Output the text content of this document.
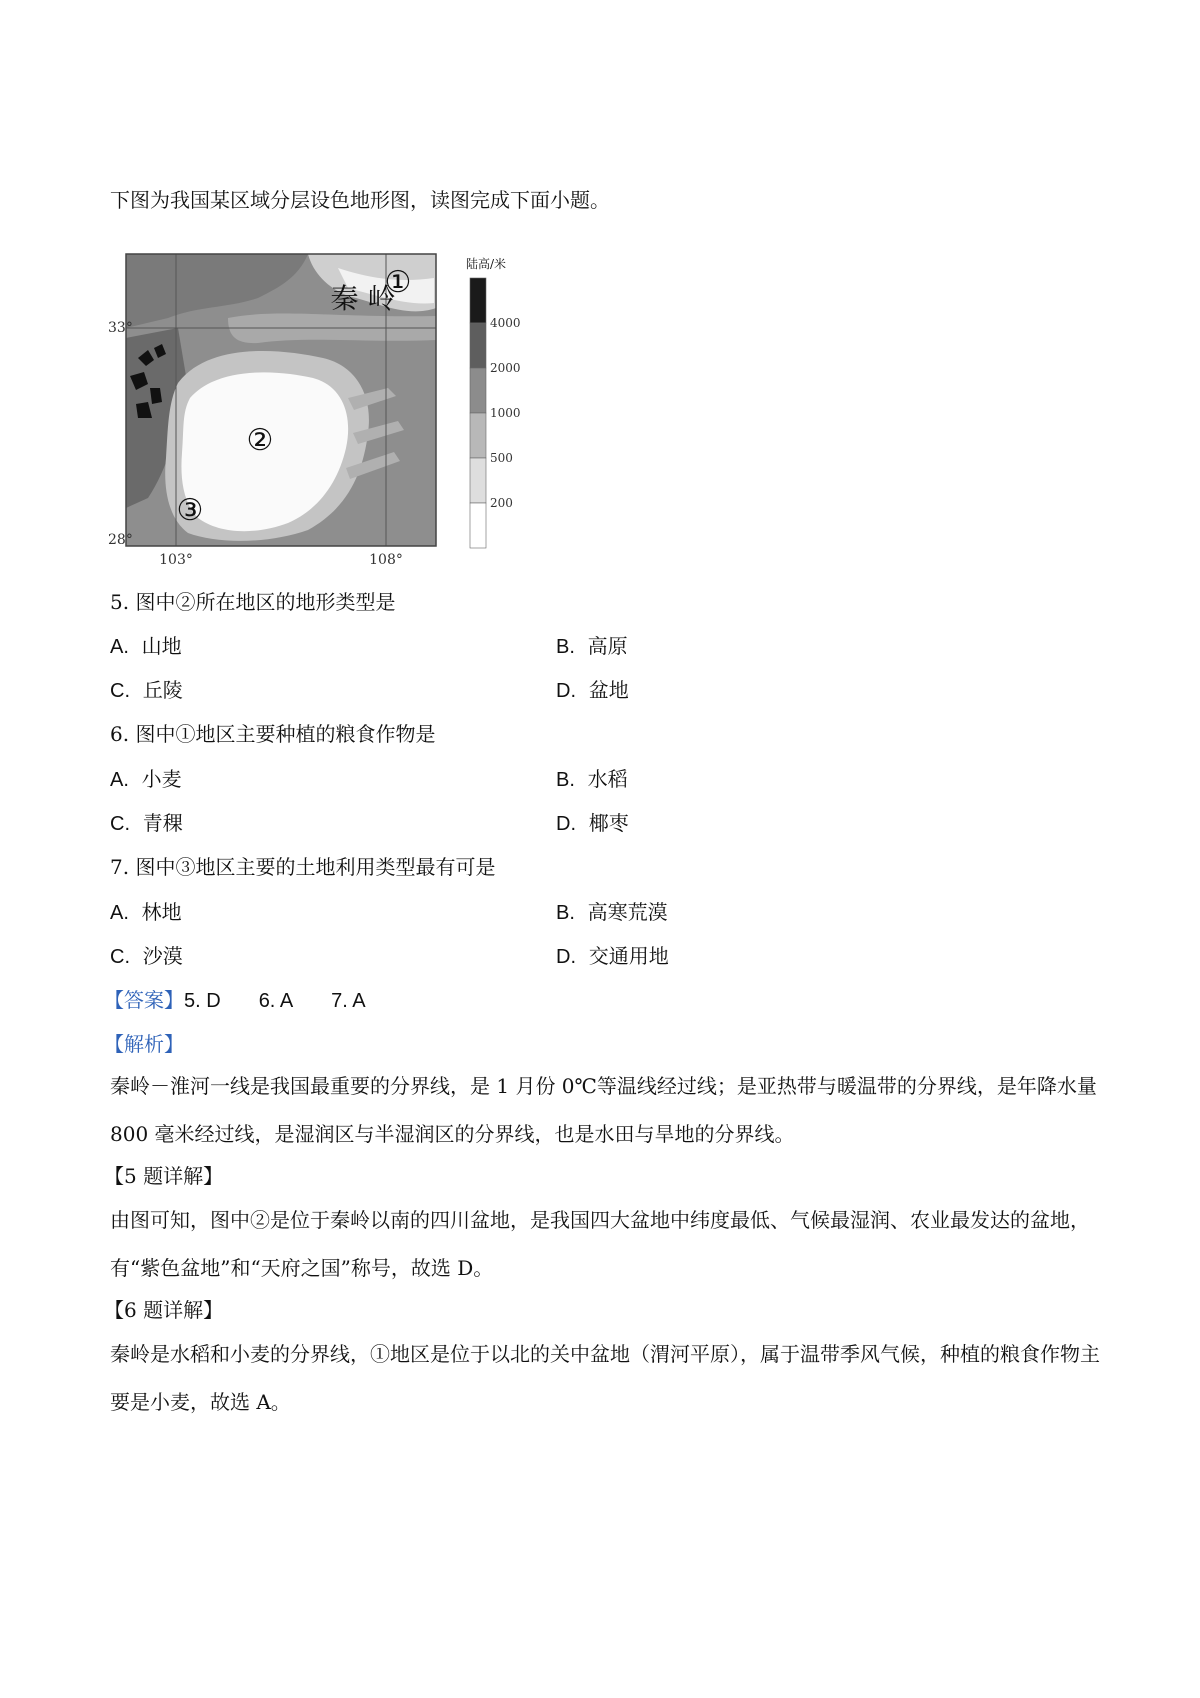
下图为我国某区域分层设色地形图，读图完成下面小题。
①
②
③
秦 岭
33°
28°
103°	108°
陆高/米
4000
2000
1000
500
200
5. 图中②所在地区的地形类型是
A. 山地	B. 高原
C. 丘陵	D. 盆地
6. 图中①地区主要种植的粮食作物是
A. 小麦	B. 水稻
C. 青稞	D. 椰枣
7. 图中③地区主要的土地利用类型最有可是
A. 林地	B. 高寒荒漠
C. 沙漠	D. 交通用地
【答案】5. D 6. A 7. A
【解析】
秦岭－淮河一线是我国最重要的分界线，是 1 月份 0℃等温线经过线；是亚热带与暖温带的分界线，是年降水量 800 毫米经过线，是湿润区与半湿润区的分界线，也是水田与旱地的分界线。
【5 题详解】
由图可知，图中②是位于秦岭以南的四川盆地，是我国四大盆地中纬度最低、气候最湿润、农业最发达的盆地，有“紫色盆地”和“天府之国”称号，故选 D。
【6 题详解】
秦岭是水稻和小麦的分界线，①地区是位于以北的关中盆地（渭河平原），属于温带季风气候，种植的粮食作物主要是小麦，故选 A。
